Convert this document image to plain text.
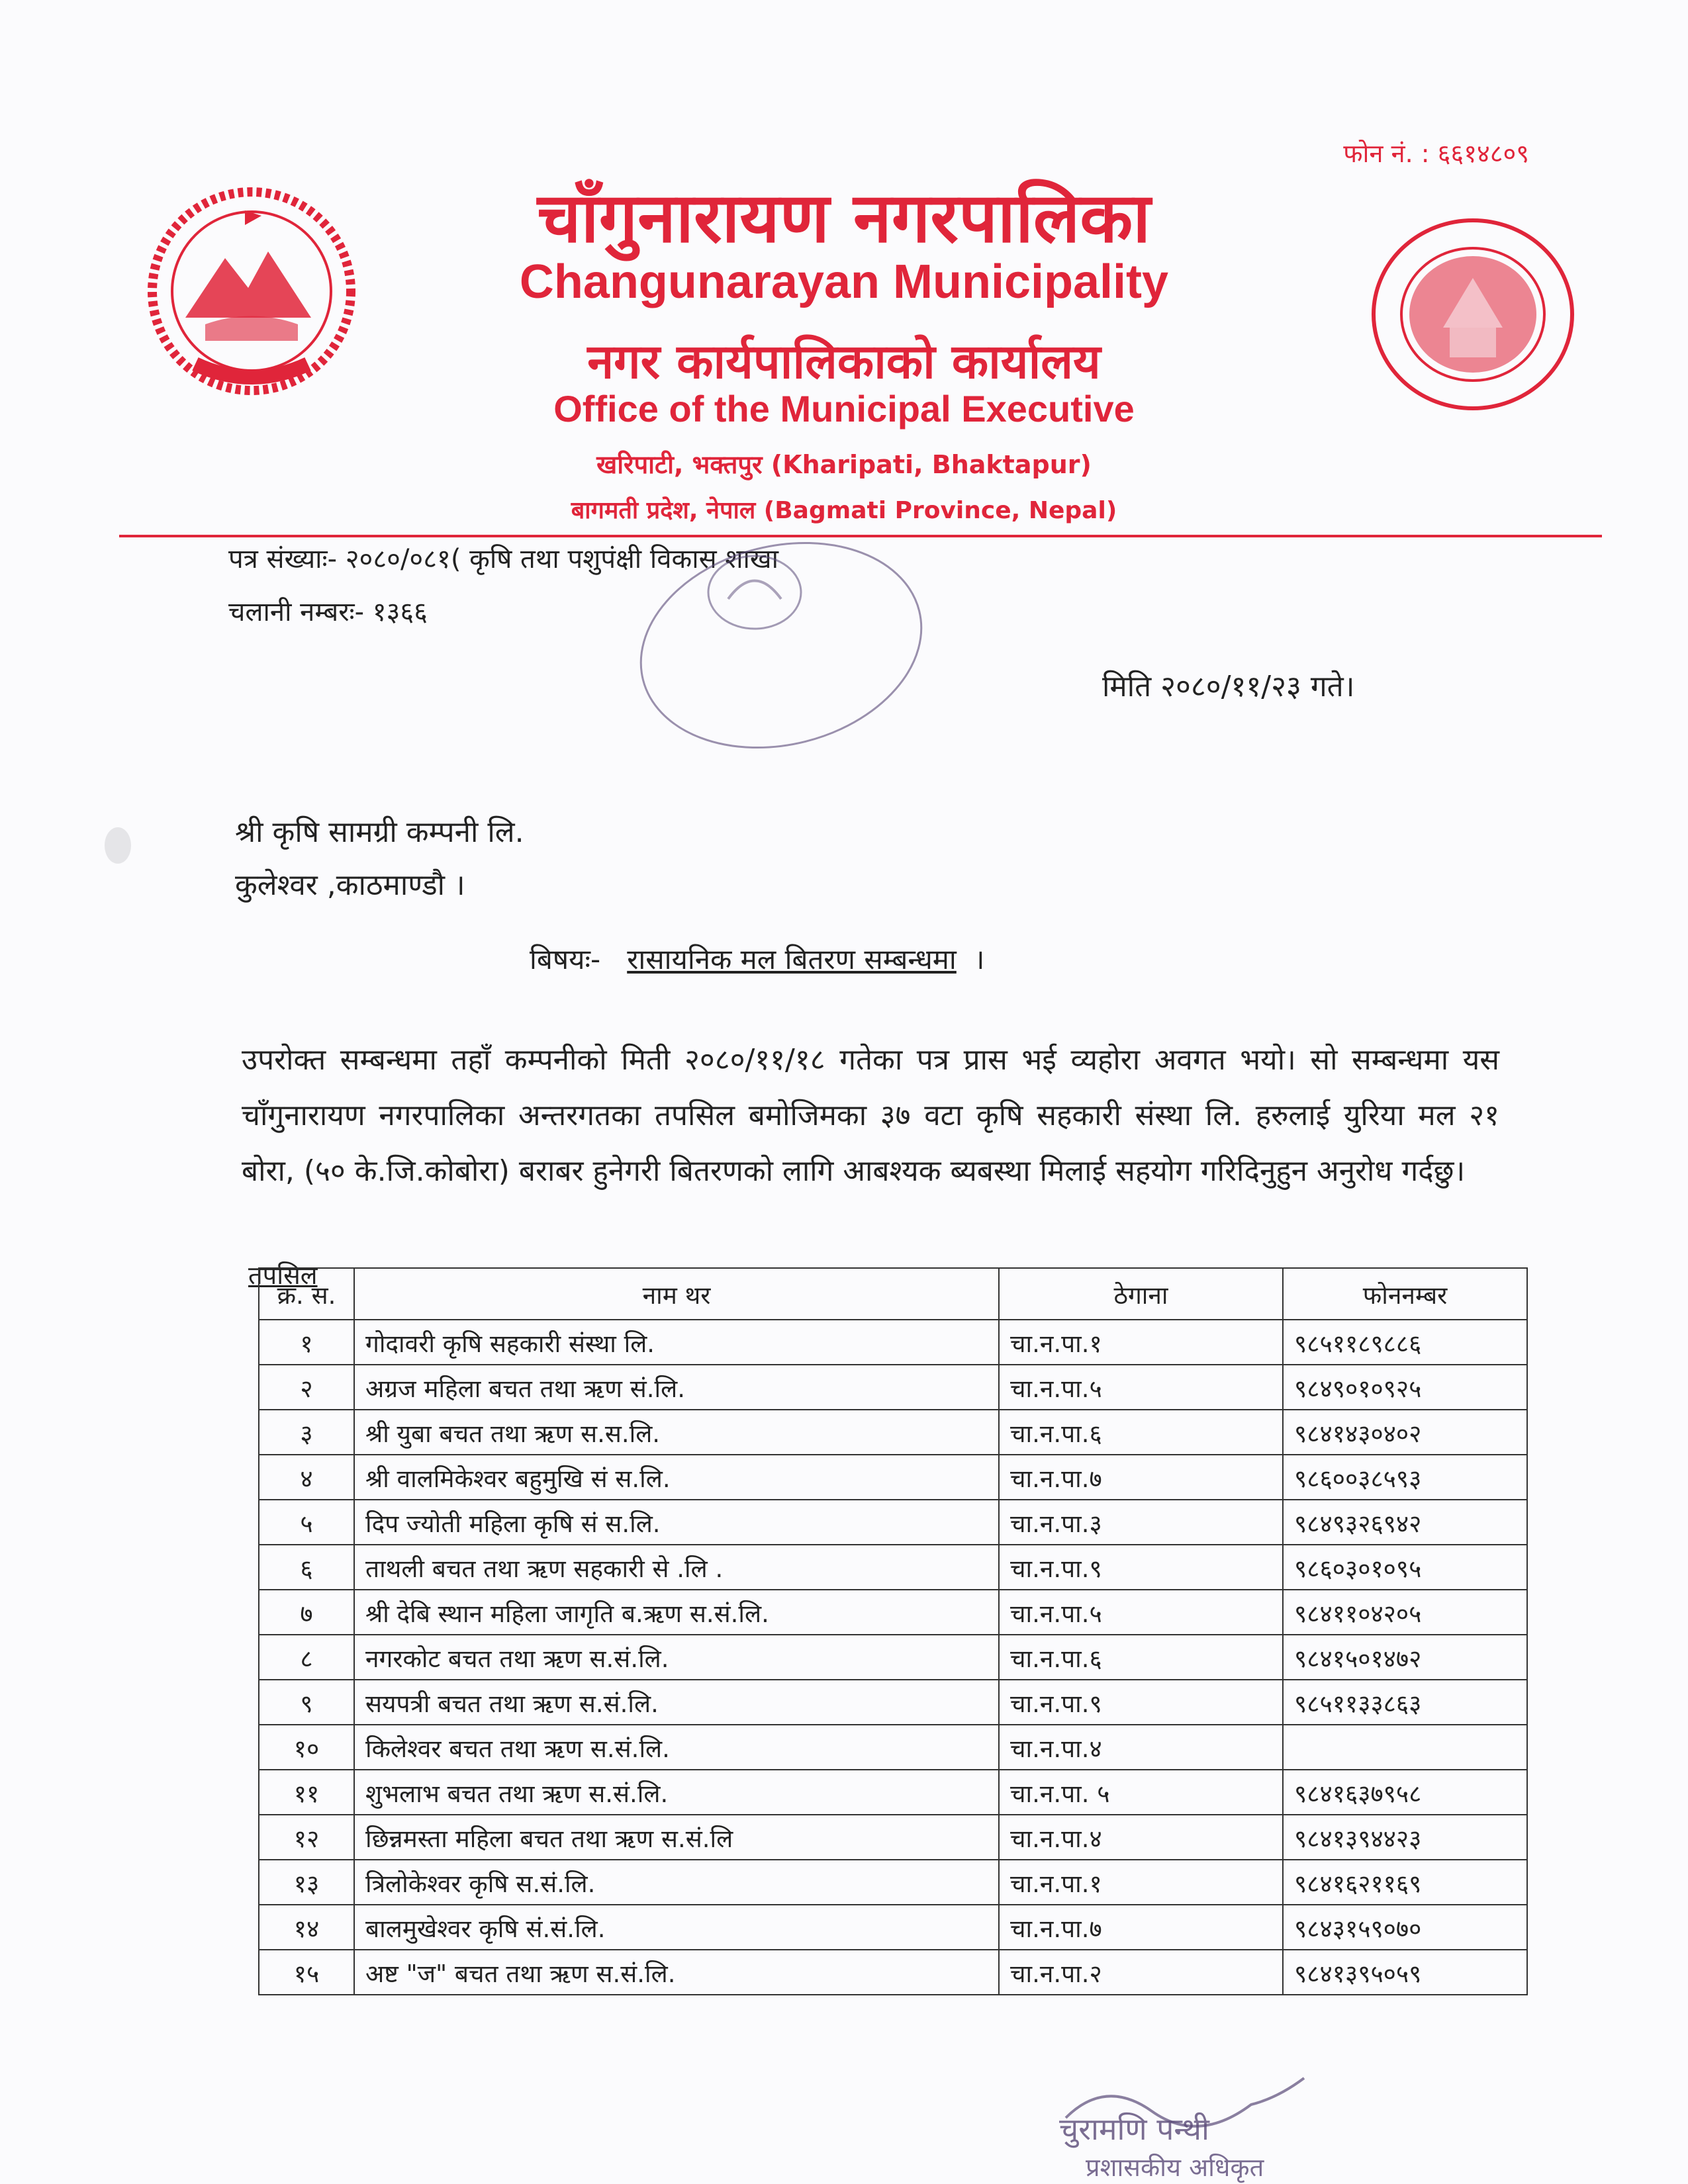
फोन नं. : ६६१४८०९
चाँगुनारायण नगरपालिका
Changunarayan Municipality
नगर कार्यपालिकाको कार्यालय
Office of the Municipal Executive
खरिपाटी, भक्तपुर (Kharipati, Bhaktapur)
बागमती प्रदेश, नेपाल (Bagmati Province, Nepal)
पत्र संख्याः- २०८०/०८१( कृषि तथा पशुपंक्षी विकास शाखा
चलानी नम्बरः- १३६६
मिति २०८०/११/२३ गते।
श्री कृषि सामग्री कम्पनी लि.
कुलेश्वर ,काठमाण्डौ ।
बिषयः- रासायनिक मल बितरण सम्बन्धमा ।
उपरोक्त सम्बन्धमा तहाँ कम्पनीको मिती २०८०/११/१८ गतेका पत्र प्रास भई व्यहोरा अवगत भयो। सो सम्बन्धमा यस चाँगुनारायण नगरपालिका अन्तरगतका तपसिल बमोजिमका ३७ वटा कृषि सहकारी संस्था लि. हरुलाई युरिया मल २१ बोरा, (५० के.जि.कोबोरा) बराबर हुनेगरी बितरणको लागि आबश्यक ब्यबस्था मिलाई सहयोग गरिदिनुहुन अनुरोध गर्दछु।
तपसिल
क्र. स.	नाम थर	ठेगाना	फोननम्बर
१	गोदावरी कृषि सहकारी संस्था लि.	चा.न.पा.१	९८५११८९८८६
२	अग्रज महिला बचत तथा ऋण सं.लि.	चा.न.पा.५	९८४९०१०९२५
३	श्री युबा बचत तथा ऋण स.स.लि.	चा.न.पा.६	९८४१४३०४०२
४	श्री वालमिकेश्वर बहुमुखि सं स.लि.	चा.न.पा.७	९८६००३८५९३
५	दिप ज्योती महिला कृषि सं स.लि.	चा.न.पा.३	९८४९३२६९४२
६	ताथली बचत तथा ऋण सहकारी से .लि .	चा.न.पा.९	९८६०३०१०९५
७	श्री देबि स्थान महिला जागृति ब.ऋण स.सं.लि.	चा.न.पा.५	९८४११०४२०५
८	नगरकोट बचत तथा ऋण स.सं.लि.	चा.न.पा.६	९८४१५०१४७२
९	सयपत्री बचत तथा ऋण स.सं.लि.	चा.न.पा.९	९८५११३३८६३
१०	किलेश्वर बचत तथा ऋण स.सं.लि.	चा.न.पा.४	
११	शुभलाभ बचत तथा ऋण स.सं.लि.	चा.न.पा. ५	९८४१६३७९५८
१२	छिन्नमस्ता महिला बचत तथा ऋण स.सं.लि	चा.न.पा.४	९८४१३९४४२३
१३	त्रिलोकेश्वर कृषि स.सं.लि.	चा.न.पा.१	९८४१६२११६९
१४	बालमुखेश्वर कृषि सं.सं.लि.	चा.न.पा.७	९८४३१५९०७०
१५	अष्ट "ज" बचत तथा ऋण स.सं.लि.	चा.न.पा.२	९८४१३९५०५९
चुरामणि पन्थी
प्रशासकीय अधिकृत
